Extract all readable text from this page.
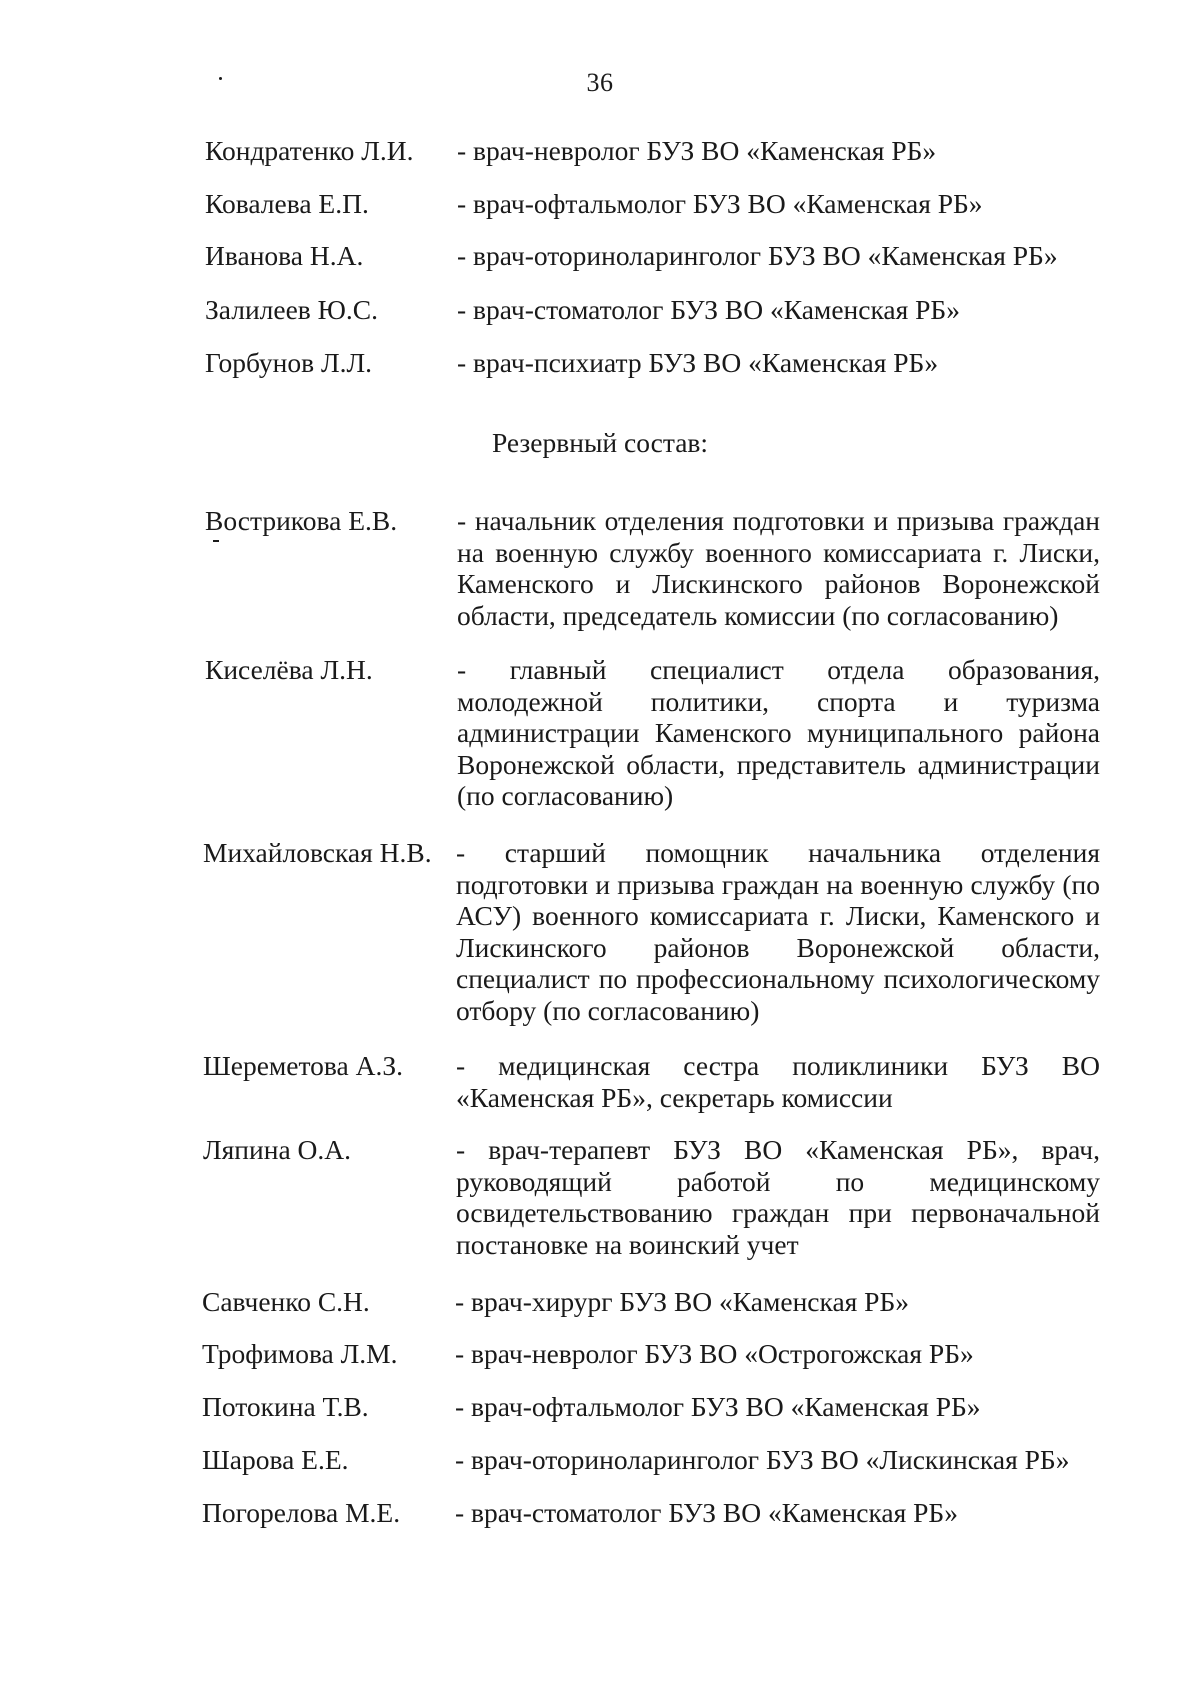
36
Кондратенко Л.И. - врач-невролог БУЗ ВО «Каменская РБ»
Ковалева Е.П.	- врач-офтальмолог БУЗ ВО «Каменская РБ»
Иванова Н.А.	- врач-оториноларинголог БУЗ ВО «Каменская РБ»
Залилеев Ю.С.	- врач-стоматолог БУЗ ВО «Каменская РБ»
Горбунов Л.Л.	- врач-психиатр БУЗ ВО «Каменская РБ»
Резервный состав:
Вострикова Е.В. - начальник отделения подготовки и призыва граждан на военную службу военного комиссариата г. Лиски, Каменского и Лискинского районов Воронежской области, председатель комиссии (по согласованию)
Киселёва Л.Н.	- главный специалист отдела образования, молодежной политики, спорта и туризма администрации Каменского муниципального района Воронежской области, представитель администрации (по согласованию)
Михайловская Н.В. - старший помощник начальника отделения подготовки и призыва граждан на военную службу (по АСУ) военного комиссариата г. Лиски, Каменского и Лискинского районов Воронежской области, специалист по профессиональному психологическому отбору (по согласованию)
Шереметова А.З. - медицинская сестра поликлиники БУЗ ВО «Каменская РБ», секретарь комиссии
Ляпина О.А.	- врач-терапевт БУЗ ВО «Каменская РБ», врач, руководящий работой по медицинскому освидетельствованию граждан при первоначальной постановке на воинский учет
Савченко С.Н.	- врач-хирург БУЗ ВО «Каменская РБ»
Трофимова Л.М. - врач-невролог БУЗ ВО «Острогожская РБ»
Потокина Т.В.	- врач-офтальмолог БУЗ ВО «Каменская РБ»
Шарова Е.Е.	- врач-оториноларинголог БУЗ ВО «Лискинская РБ»
Погорелова М.Е. - врач-стоматолог БУЗ ВО «Каменская РБ»
